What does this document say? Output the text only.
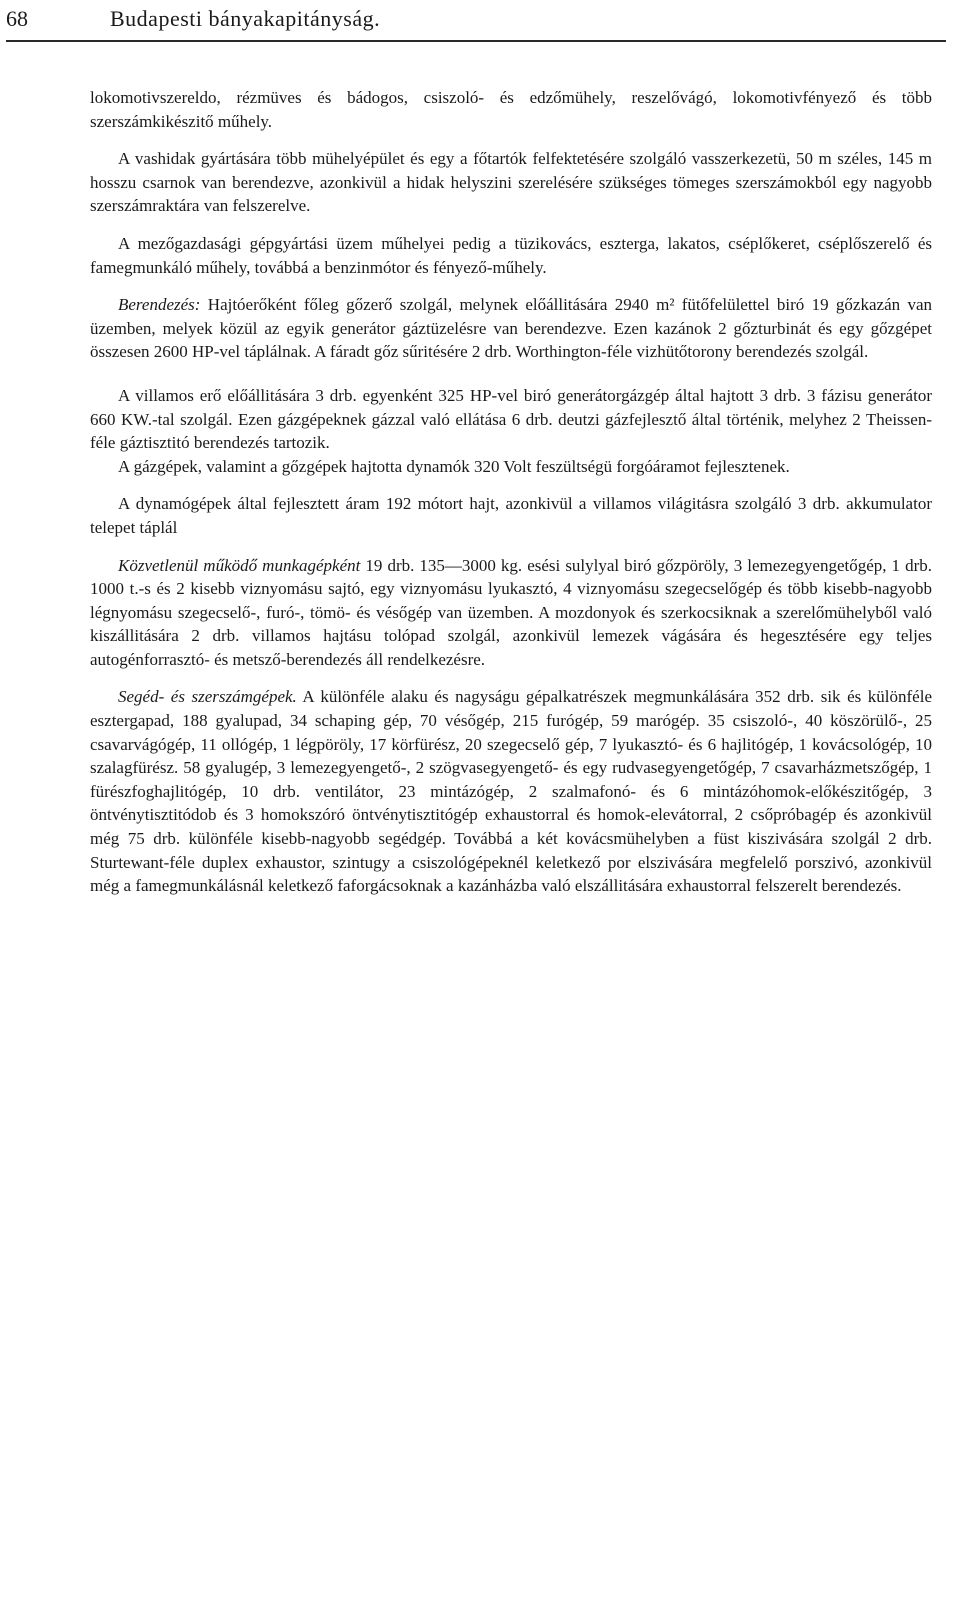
68	Budapesti bányakapitányság.

lokomotivszereldo, rézmüves és bádogos, csiszoló- és edzőmühely, reszelővágó, lokomotivfényező és több szerszámkikészitő műhely.

A vashidak gyártására több mühelyépület és egy a főtartók felfektetésére szolgáló vasszerkezetü, 50 m széles, 145 m hosszu csarnok van berendezve, azonkivül a hidak helyszini szerelésére szükséges tömeges szerszámokból egy nagyobb szerszámraktára van felszerelve.

A mezőgazdasági gépgyártási üzem műhelyei pedig a tüzikovács, eszterga, lakatos, cséplőkeret, cséplőszerelő és famegmunkáló műhely, továbbá a benzinmótor és fényező-műhely.

Berendezés: Hajtóerőként főleg gőzerő szolgál, melynek előállitására 2940 m² fütőfelülettel biró 19 gőzkazán van üzemben, melyek közül az egyik generátor gáztüzelésre van berendezve. Ezen kazánok 2 gőzturbinát és egy gőzgépet összesen 2600 HP-vel táplálnak. A fáradt gőz sűritésére 2 drb. Worthington-féle vizhütőtorony berendezés szolgál.

A villamos erő előállitására 3 drb. egyenként 325 HP-vel biró generátorgázgép által hajtott 3 drb. 3 fázisu generátor 660 KW.-tal szolgál. Ezen gázgépeknek gázzal való ellátása 6 drb. deutzi gázfejlesztő által történik, melyhez 2 Theissen-féle gáztisztitó berendezés tartozik.

A gázgépek, valamint a gőzgépek hajtotta dynamók 320 Volt feszültségü forgóáramot fejlesztenek.

A dynamógépek által fejlesztett áram 192 mótort hajt, azonkivül a villamos világitásra szolgáló 3 drb. akkumulator telepet táplál

Közvetlenül működő munkagépként 19 drb. 135—3000 kg. esési sulylyal biró gőzpöröly, 3 lemezegyengetőgép, 1 drb. 1000 t.-s és 2 kisebb viznyomásu sajtó, egy viznyomásu lyukasztó, 4 viznyomásu szegecselőgép és több kisebb-nagyobb légnyomásu szegecselő-, furó-, tömö- és vésőgép van üzemben. A mozdonyok és szerkocsiknak a szerelőmühelyből való kiszállitására 2 drb. villamos hajtásu tolópad szolgál, azonkivül lemezek vágására és hegesztésére egy teljes autogénforrasztó- és metsző-berendezés áll rendelkezésre.

Segéd- és szerszámgépek. A különféle alaku és nagyságu gépalkatrészek megmunkálására 352 drb. sik és különféle esztergapad, 188 gyalupad, 34 schaping gép, 70 vésőgép, 215 furógép, 59 marógép. 35 csiszoló-, 40 köszörülő-, 25 csavarvágógép, 11 ollógép, 1 légpöröly, 17 körfürész, 20 szegecselő gép, 7 lyukasztó- és 6 hajlitógép, 1 kovácsológép, 10 szalagfürész. 58 gyalugép, 3 lemezegyengető-, 2 szögvasegyengető- és egy rudvasegyengetőgép, 7 csavarházmetszőgép, 1 fürészfoghajlitógép, 10 drb. ventilátor, 23 mintázógép, 2 szalmafonó- és 6 mintázóhomok-előkészitőgép, 3 öntvénytisztitódob és 3 homokszóró öntvénytisztitógép exhaustorral és homok-elevátorral, 2 csőpróbagép és azonkivül még 75 drb. különféle kisebb-nagyobb segédgép. Továbbá a két kovácsmühelyben a füst kiszivására szolgál 2 drb. Sturtewant-féle duplex exhaustor, szintugy a csiszológépeknél keletkező por elszivására megfelelő porszivó, azonkivül még a famegmunkálásnál keletkező faforgácsoknak a kazánházba való elszállitására exhaustorral felszerelt berendezés.
